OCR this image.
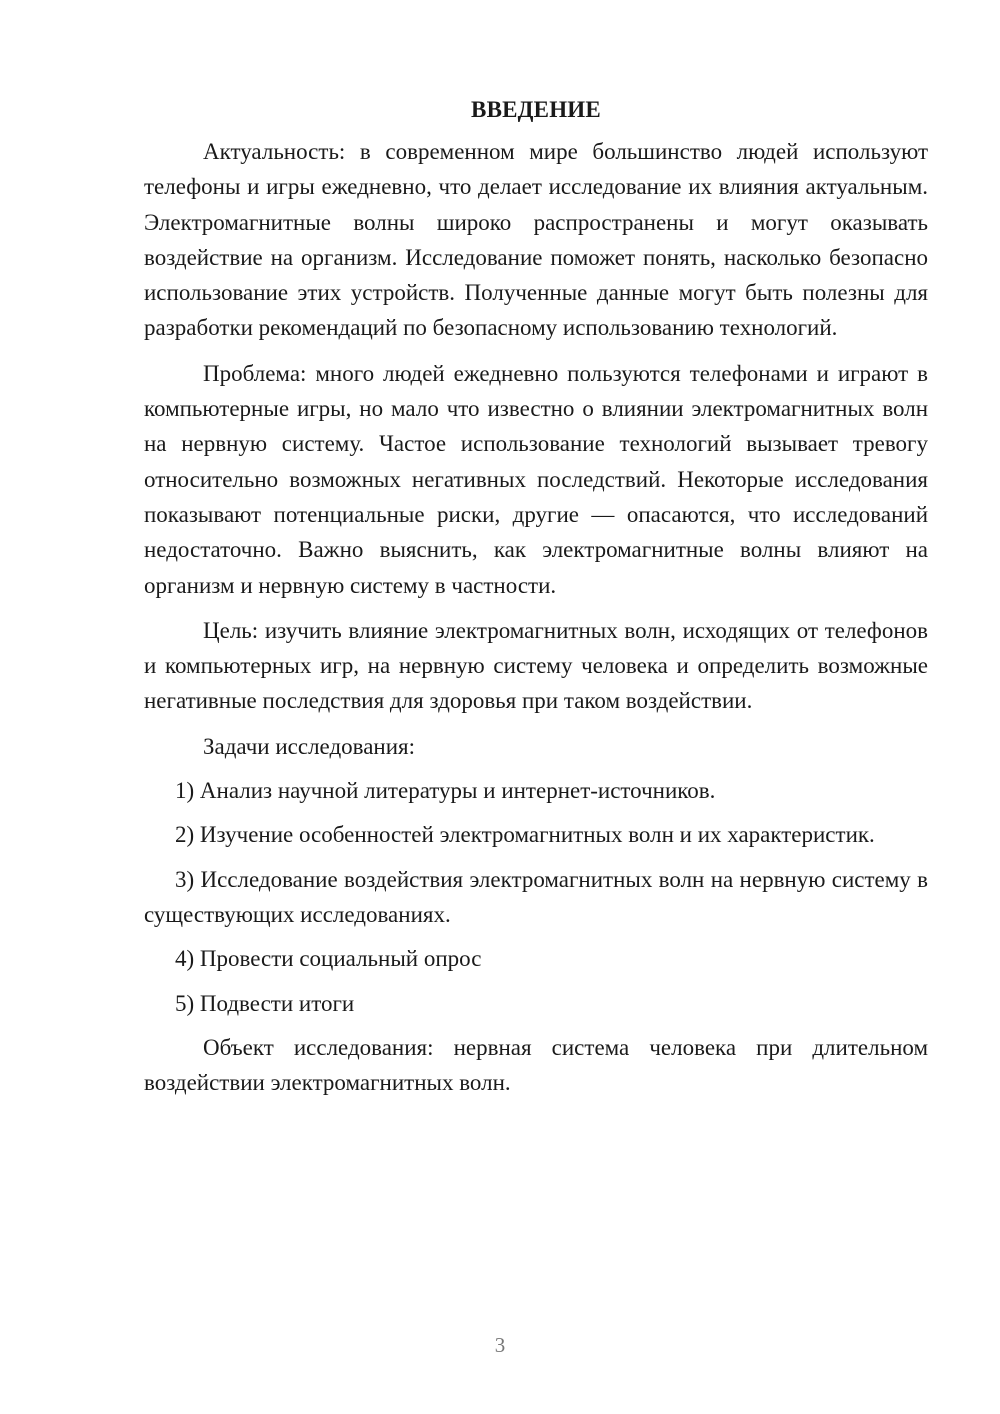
ВВЕДЕНИЕ

Актуальность: в современном мире большинство людей используют телефоны и игры ежедневно, что делает исследование их влияния актуальным. Электромагнитные волны широко распространены и могут оказывать воздействие на организм. Исследование поможет понять, насколько безопасно использование этих устройств. Полученные данные могут быть полезны для разработки рекомендаций по безопасному использованию технологий.

Проблема: много людей ежедневно пользуются телефонами и играют в компьютерные игры, но мало что известно о влиянии электромагнитных волн на нервную систему. Частое использование технологий вызывает тревогу относительно возможных негативных последствий. Некоторые исследования показывают потенциальные риски, другие — опасаются, что исследований недостаточно. Важно выяснить, как электромагнитные волны влияют на организм и нервную систему в частности.

Цель: изучить влияние электромагнитных волн, исходящих от телефонов и компьютерных игр, на нервную систему человека и определить возможные негативные последствия для здоровья при таком воздействии.

Задачи исследования:

1) Анализ научной литературы и интернет-источников.

2) Изучение особенностей электромагнитных волн и их характеристик.

3) Исследование воздействия электромагнитных волн на нервную систему в существующих исследованиях.

4) Провести социальный опрос

5) Подвести итоги

Объект исследования: нервная система человека при длительном воздействии электромагнитных волн.

3
